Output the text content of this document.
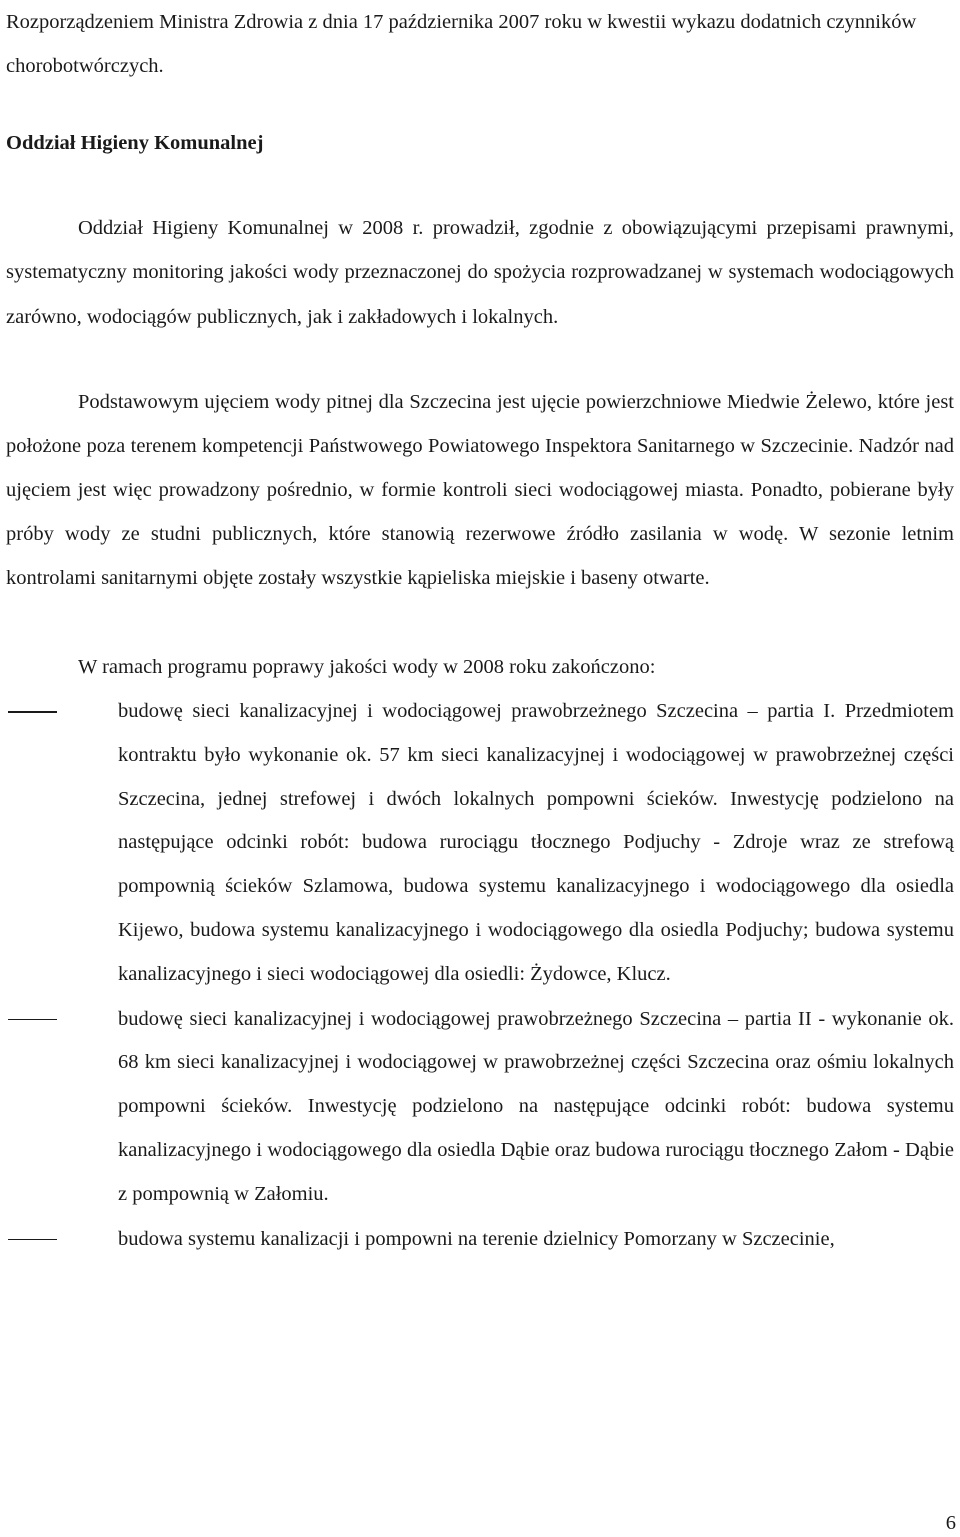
Rozporządzeniem Ministra Zdrowia z dnia 17 października 2007 roku w kwestii wykazu dodatnich czynników chorobotwórczych.

Oddział Higieny Komunalnej

Oddział Higieny Komunalnej w 2008 r. prowadził, zgodnie z obowiązującymi przepisami prawnymi, systematyczny monitoring jakości wody przeznaczonej do spożycia rozprowadzanej w systemach wodociągowych zarówno, wodociągów publicznych, jak i zakładowych i lokalnych.

Podstawowym ujęciem wody pitnej dla Szczecina jest ujęcie powierzchniowe Miedwie Żelewo, które jest położone poza terenem kompetencji Państwowego Powiatowego Inspektora Sanitarnego w Szczecinie. Nadzór nad ujęciem jest więc prowadzony pośrednio, w formie kontroli sieci wodociągowej miasta. Ponadto, pobierane były próby wody ze studni publicznych, które stanowią rezerwowe źródło zasilania w wodę. W sezonie letnim kontrolami sanitarnymi objęte zostały wszystkie kąpieliska miejskie i baseny otwarte.

W ramach programu poprawy jakości wody w 2008 roku zakończono:

budowę sieci kanalizacyjnej i wodociągowej prawobrzeżnego Szczecina – partia I. Przedmiotem kontraktu było wykonanie ok. 57 km sieci kanalizacyjnej i wodociągowej w prawobrzeżnej części Szczecina, jednej strefowej i dwóch lokalnych pompowni ścieków. Inwestycję podzielono na następujące odcinki robót: budowa rurociągu tłocznego Podjuchy - Zdroje wraz ze strefową pompownią ścieków Szlamowa, budowa systemu kanalizacyjnego i wodociągowego dla osiedla Kijewo, budowa systemu kanalizacyjnego i wodociągowego dla osiedla Podjuchy; budowa systemu kanalizacyjnego i sieci wodociągowej dla osiedli: Żydowce, Klucz.
budowę sieci kanalizacyjnej i wodociągowej prawobrzeżnego Szczecina – partia II - wykonanie ok. 68 km sieci kanalizacyjnej i wodociągowej w prawobrzeżnej części Szczecina oraz ośmiu lokalnych pompowni ścieków. Inwestycję podzielono na następujące odcinki robót: budowa systemu kanalizacyjnego i wodociągowego dla osiedla Dąbie oraz budowa rurociągu tłocznego Załom - Dąbie z pompownią w Załomiu.
budowa systemu kanalizacji i pompowni na terenie dzielnicy Pomorzany w Szczecinie,
6
